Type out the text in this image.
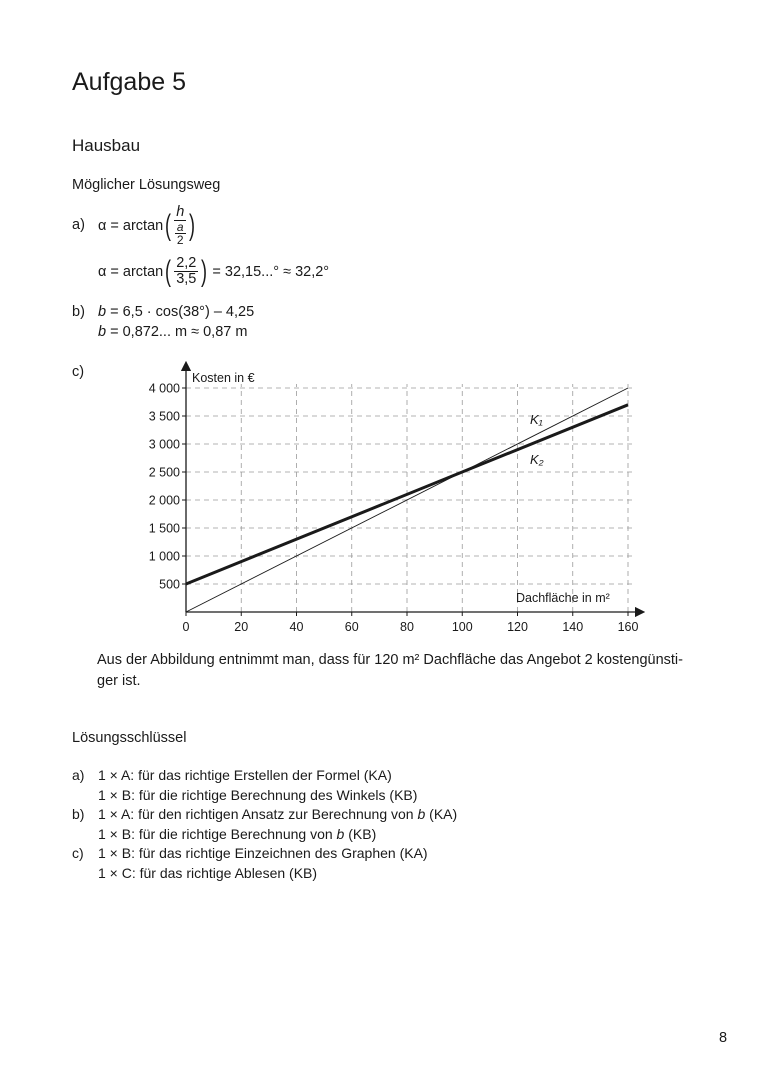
Aufgabe 5
Hausbau
Möglicher Lösungsweg
a) α = arctan ( $\frac{h}{\frac{a}{2}}$ )
α = arctan ( $\frac{2,2}{3,5}$ ) = 32,15...° ≈ 32,2°
b) b = 6,5 · cos(38°) – 4,25
b = 0,872... m ≈ 0,87 m
c)
0	20	40	60	80	100	120	140	160
500
1 000
1 500
2 000
2 500
3 000
3 500
4 000
Kosten in €
Dachfläche in m²
K₁
K₂
Aus der Abbildung entnimmt man, dass für 120 m² Dachfläche das Angebot 2 kostengünsti-
ger ist.
Lösungsschlüssel
a) 1 × A: für das richtige Erstellen der Formel (KA)
1 × B: für die richtige Berechnung des Winkels (KB)
b) 1 × A: für den richtigen Ansatz zur Berechnung von b (KA)
1 × B: für die richtige Berechnung von b (KB)
c)	1 × B: für das richtige Einzeichnen des Graphen (KA)
1 × C: für das richtige Ablesen (KB)
8
